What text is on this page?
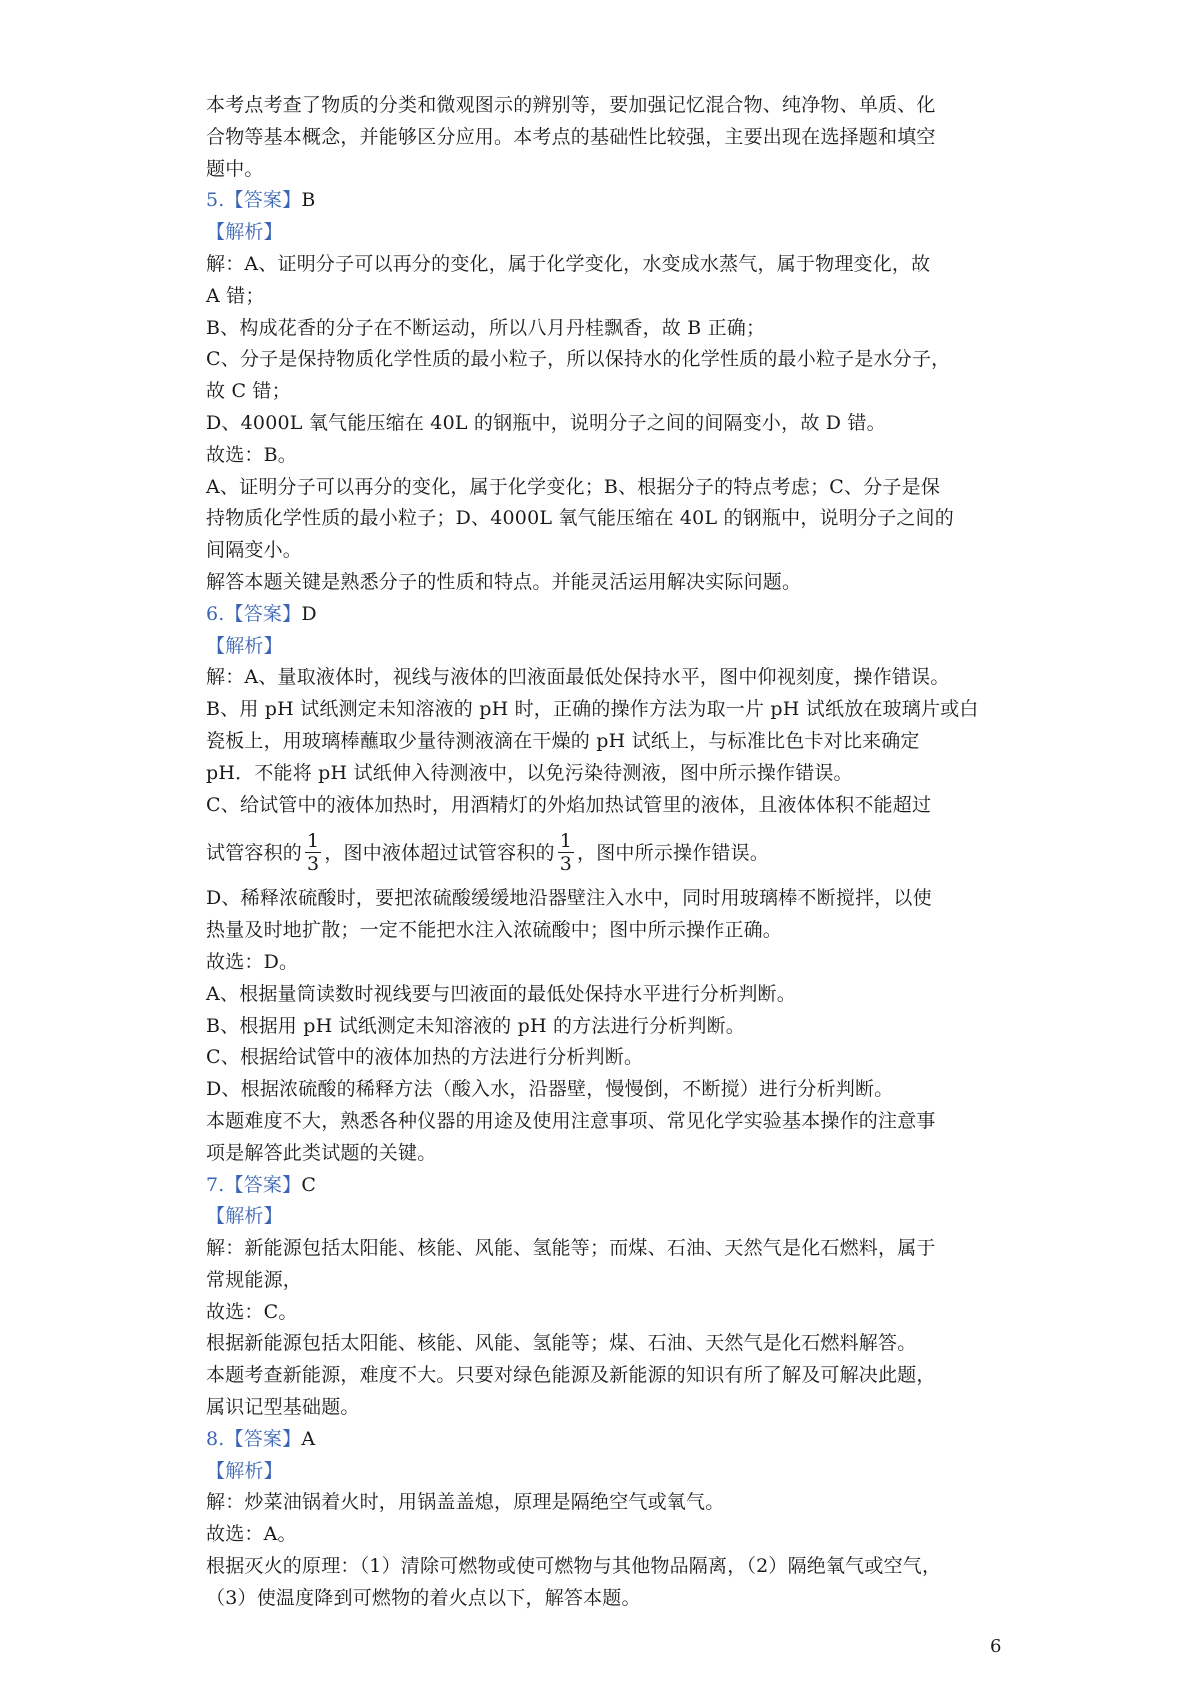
本考点考查了物质的分类和微观图示的辨别等，要加强记忆混合物、纯净物、单质、化
合物等基本概念，并能够区分应用。本考点的基础性比较强，主要出现在选择题和填空
题中。
5.【答案】B
【解析】
解：A、证明分子可以再分的变化，属于化学变化，水变成水蒸气，属于物理变化，故
A 错；
B、构成花香的分子在不断运动，所以八月丹桂飘香，故 B 正确；
C、分子是保持物质化学性质的最小粒子，所以保持水的化学性质的最小粒子是水分子，
故 C 错；
D、4000L 氧气能压缩在 40L 的钢瓶中，说明分子之间的间隔变小，故 D 错。
故选：B。
A、证明分子可以再分的变化，属于化学变化；B、根据分子的特点考虑；C、分子是保
持物质化学性质的最小粒子；D、4000L 氧气能压缩在 40L 的钢瓶中，说明分子之间的
间隔变小。
解答本题关键是熟悉分子的性质和特点。并能灵活运用解决实际问题。
6.【答案】D
【解析】
解：A、量取液体时，视线与液体的凹液面最低处保持水平，图中仰视刻度，操作错误。
B、用 pH 试纸测定未知溶液的 pH 时，正确的操作方法为取一片 pH 试纸放在玻璃片或白
瓷板上，用玻璃棒蘸取少量待测液滴在干燥的 pH 试纸上，与标准比色卡对比来确定
pH．不能将 pH 试纸伸入待测液中，以免污染待测液，图中所示操作错误。
C、给试管中的液体加热时，用酒精灯的外焰加热试管里的液体，且液体体积不能超过
试管容积的 $\frac{1}{3}$ ，图中液体超过试管容积的 $\frac{1}{3}$ ，图中所示操作错误。
D、稀释浓硫酸时，要把浓硫酸缓缓地沿器壁注入水中，同时用玻璃棒不断搅拌，以使
热量及时地扩散；一定不能把水注入浓硫酸中；图中所示操作正确。
故选：D。
A、根据量筒读数时视线要与凹液面的最低处保持水平进行分析判断。
B、根据用 pH 试纸测定未知溶液的 pH 的方法进行分析判断。
C、根据给试管中的液体加热的方法进行分析判断。
D、根据浓硫酸的稀释方法（酸入水，沿器壁，慢慢倒，不断搅）进行分析判断。
本题难度不大，熟悉各种仪器的用途及使用注意事项、常见化学实验基本操作的注意事
项是解答此类试题的关键。
7.【答案】C
【解析】
解：新能源包括太阳能、核能、风能、氢能等；而煤、石油、天然气是化石燃料，属于
常规能源，
故选：C。
根据新能源包括太阳能、核能、风能、氢能等；煤、石油、天然气是化石燃料解答。
本题考查新能源，难度不大。只要对绿色能源及新能源的知识有所了解及可解决此题，
属识记型基础题。
8.【答案】A
【解析】
解：炒菜油锅着火时，用锅盖盖熄，原理是隔绝空气或氧气。
故选：A。
根据灭火的原理：（1）清除可燃物或使可燃物与其他物品隔离，（2）隔绝氧气或空气，
（3）使温度降到可燃物的着火点以下，解答本题。
6
